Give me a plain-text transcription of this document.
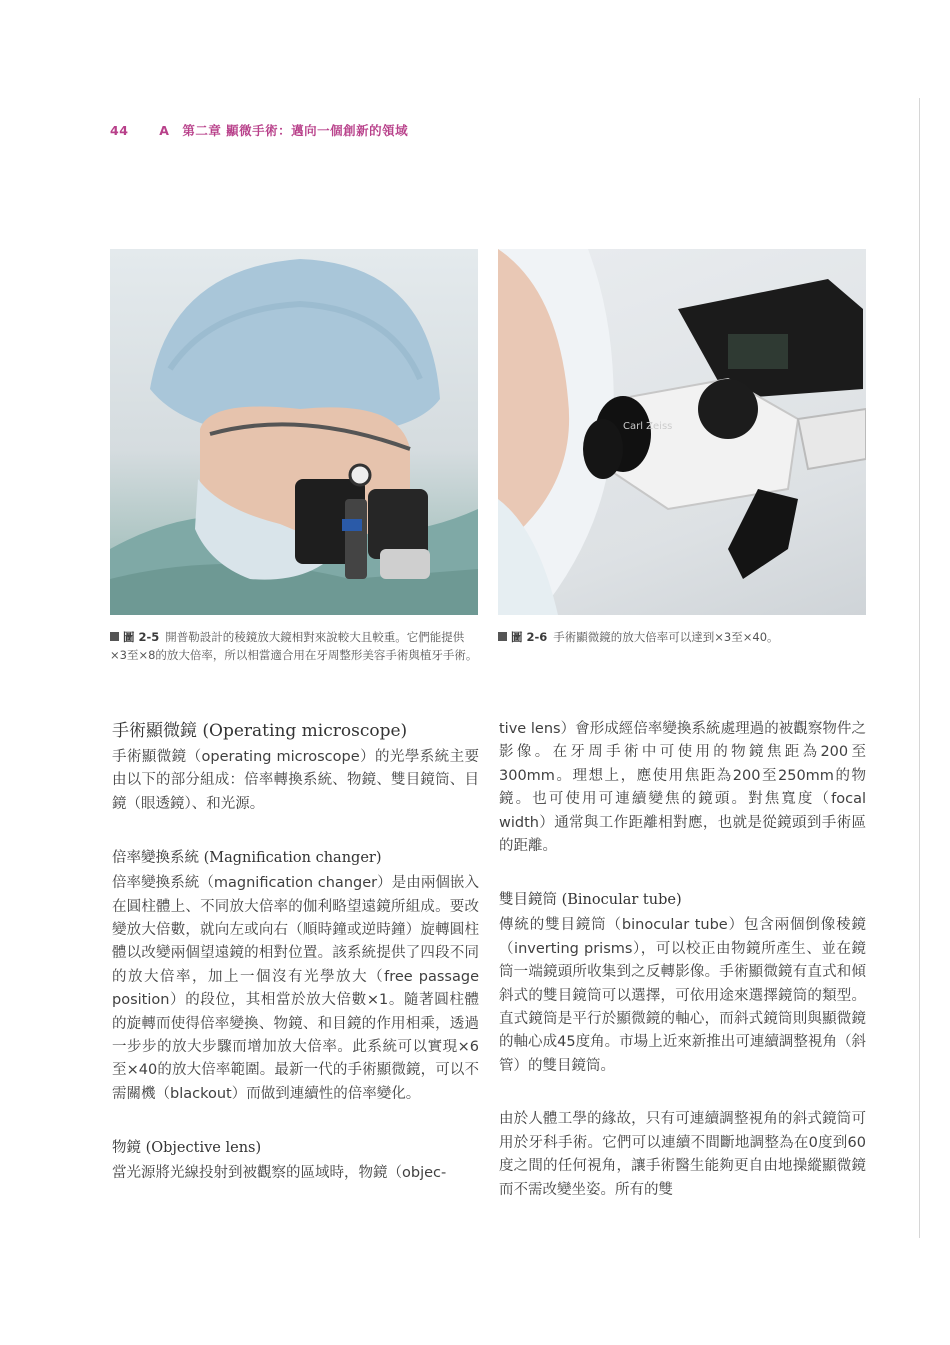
44 A 第二章 顯微手術：邁向一個創新的領域
Carl Zeiss
圖 2-5 開普勒設計的稜鏡放大鏡相對來說較大且較重。它們能提供×3至×8的放大倍率，所以相當適合用在牙周整形美容手術與植牙手術。
圖 2-6 手術顯微鏡的放大倍率可以達到×3至×40。
手術顯微鏡 (Operating microscope)

手術顯微鏡（operating microscope）的光學系統主要由以下的部分組成：倍率轉換系統、物鏡、雙目鏡筒、目鏡（眼透鏡）、和光源。

倍率變換系統 (Magnification changer)

倍率變換系統（magnification changer）是由兩個嵌入在圓柱體上、不同放大倍率的伽利略望遠鏡所組成。要改變放大倍數，就向左或向右（順時鐘或逆時鐘）旋轉圓柱體以改變兩個望遠鏡的相對位置。該系統提供了四段不同的放大倍率，加上一個沒有光學放大（free passage position）的段位，其相當於放大倍數×1。隨著圓柱體的旋轉而使得倍率變換、物鏡、和目鏡的作用相乘，透過一步步的放大步驟而增加放大倍率。此系統可以實現×6至×40的放大倍率範圍。最新一代的手術顯微鏡，可以不需關機（blackout）而做到連續性的倍率變化。

物鏡 (Objective lens)

當光源將光線投射到被觀察的區域時，物鏡（objec-

tive lens）會形成經倍率變換系統處理過的被觀察物件之影像。在牙周手術中可使用的物鏡焦距為200至300mm。理想上，應使用焦距為200至250mm的物鏡。也可使用可連續變焦的鏡頭。對焦寬度（focal width）通常與工作距離相對應，也就是從鏡頭到手術區的距離。

雙目鏡筒 (Binocular tube)

傳統的雙目鏡筒（binocular tube）包含兩個倒像稜鏡（inverting prisms），可以校正由物鏡所產生、並在鏡筒一端鏡頭所收集到之反轉影像。手術顯微鏡有直式和傾斜式的雙目鏡筒可以選擇，可依用途來選擇鏡筒的類型。直式鏡筒是平行於顯微鏡的軸心，而斜式鏡筒則與顯微鏡的軸心成45度角。市場上近來新推出可連續調整視角（斜管）的雙目鏡筒。

由於人體工學的緣故，只有可連續調整視角的斜式鏡筒可用於牙科手術。它們可以連續不間斷地調整為在0度到60度之間的任何視角，讓手術醫生能夠更自由地操縱顯微鏡而不需改變坐姿。所有的雙
